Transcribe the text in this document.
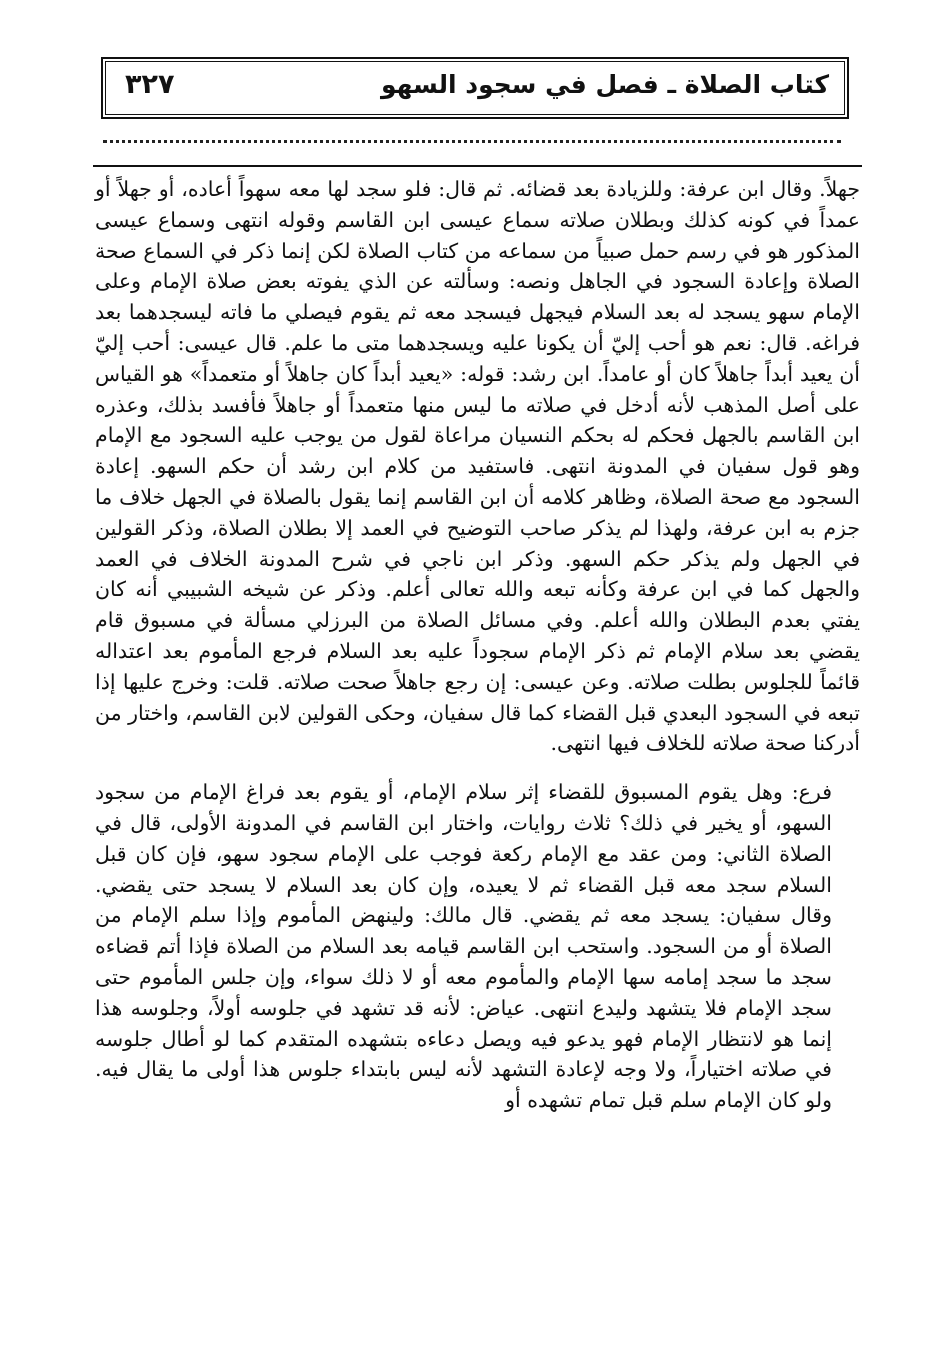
كتاب الصلاة ـ فصل في سجود السهو
٣٢٧

جهلاً. وقال ابن عرفة: وللزيادة بعد قضائه. ثم قال: فلو سجد لها معه سهواً أعاده، أو جهلاً أو عمداً في كونه كذلك وبطلان صلاته سماع عيسى ابن القاسم وقوله انتهى وسماع عيسى المذكور هو في رسم حمل صبياً من سماعه من كتاب الصلاة لكن إنما ذكر في السماع صحة الصلاة وإعادة السجود في الجاهل ونصه: وسألته عن الذي يفوته بعض صلاة الإمام وعلى الإمام سهو يسجد له بعد السلام فيجهل فيسجد معه ثم يقوم فيصلي ما فاته ليسجدهما بعد فراغه. قال: نعم هو أحب إليّ أن يكونا عليه ويسجدهما متى ما علم. قال عيسى: أحب إليّ أن يعيد أبداً جاهلاً كان أو عامداً. ابن رشد: قوله: «يعيد أبداً كان جاهلاً أو متعمداً» هو القياس على أصل المذهب لأنه أدخل في صلاته ما ليس منها متعمداً أو جاهلاً فأفسد بذلك، وعذره ابن القاسم بالجهل فحكم له بحكم النسيان مراعاة لقول من يوجب عليه السجود مع الإمام وهو قول سفيان في المدونة انتهى. فاستفيد من كلام ابن رشد أن حكم السهو. إعادة السجود مع صحة الصلاة، وظاهر كلامه أن ابن القاسم إنما يقول بالصلاة في الجهل خلاف ما جزم به ابن عرفة، ولهذا لم يذكر صاحب التوضيح في العمد إلا بطلان الصلاة، وذكر القولين في الجهل ولم يذكر حكم السهو. وذكر ابن ناجي في شرح المدونة الخلاف في العمد والجهل كما في ابن عرفة وكأنه تبعه والله تعالى أعلم. وذكر عن شيخه الشبيبي أنه كان يفتي بعدم البطلان والله أعلم. وفي مسائل الصلاة من البرزلي مسألة في مسبوق قام يقضي بعد سلام الإمام ثم ذكر الإمام سجوداً عليه بعد السلام فرجع المأموم بعد اعتداله قائماً للجلوس بطلت صلاته. وعن عيسى: إن رجع جاهلاً صحت صلاته. قلت: وخرج عليها إذا تبعه في السجود البعدي قبل القضاء كما قال سفيان، وحكى القولين لابن القاسم، واختار من أدركنا صحة صلاته للخلاف فيها انتهى.

فرع: وهل يقوم المسبوق للقضاء إثر سلام الإمام، أو يقوم بعد فراغ الإمام من سجود السهو، أو يخير في ذلك؟ ثلاث روايات، واختار ابن القاسم في المدونة الأولى، قال في الصلاة الثاني: ومن عقد مع الإمام ركعة فوجب على الإمام سجود سهو، فإن كان قبل السلام سجد معه قبل القضاء ثم لا يعيده، وإن كان بعد السلام لا يسجد حتى يقضي. وقال سفيان: يسجد معه ثم يقضي. قال مالك: ولينهض المأموم وإذا سلم الإمام من الصلاة أو من السجود. واستحب ابن القاسم قيامه بعد السلام من الصلاة فإذا أتم قضاءه سجد ما سجد إمامه سها الإمام والمأموم معه أو لا ذلك سواء، وإن جلس المأموم حتى سجد الإمام فلا يتشهد وليدع انتهى. عياض: لأنه قد تشهد في جلوسه أولاً، وجلوسه هذا إنما هو لانتظار الإمام فهو يدعو فيه ويصل دعاءه بتشهده المتقدم كما لو أطال جلوسه في صلاته اختياراً، ولا وجه لإعادة التشهد لأنه ليس بابتداء جلوس هذا أولى ما يقال فيه. ولو كان الإمام سلم قبل تمام تشهده أو
